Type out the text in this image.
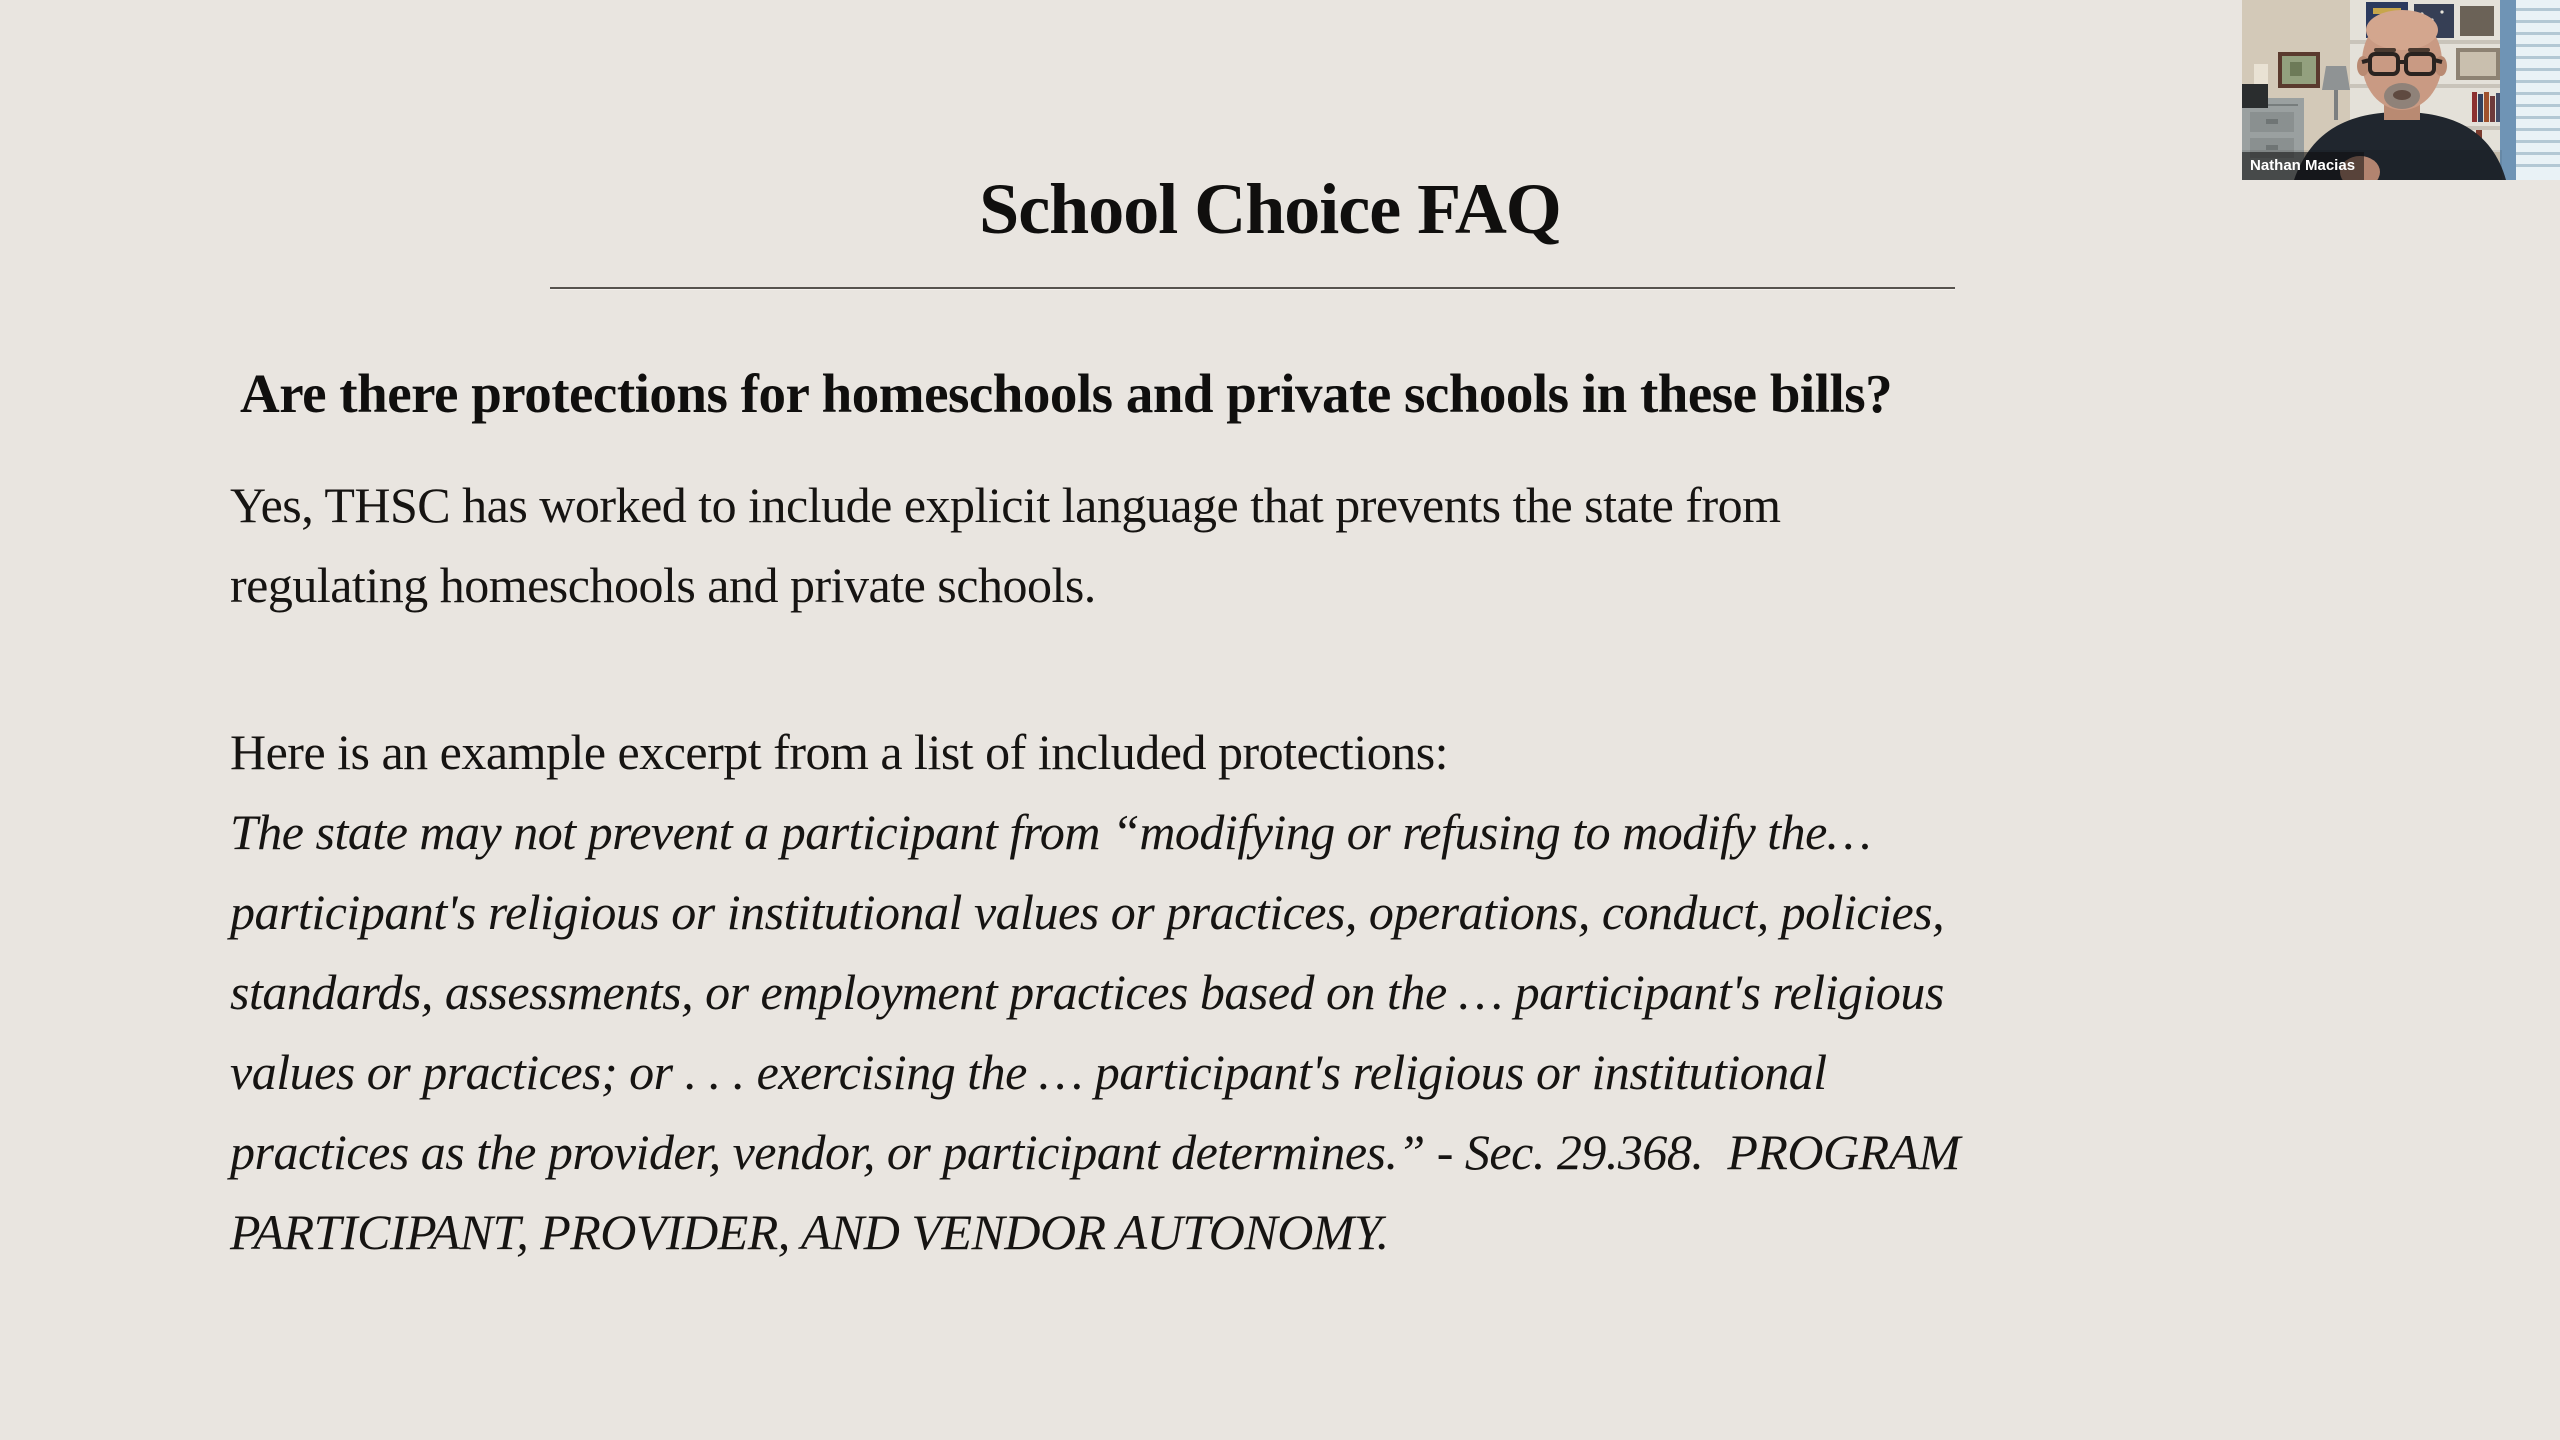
School Choice FAQ
Are there protections for homeschools and private schools in these bills?
Yes, THSC has worked to include explicit language that prevents the state from
regulating homeschools and private schools.
Here is an example excerpt from a list of included protections:
The state may not prevent a participant from “modifying or refusing to modify the…
participant's religious or institutional values or practices, operations, conduct, policies,
standards, assessments, or employment practices based on the … participant's religious
values or practices; or . . . exercising the … participant's religious or institutional
practices as the provider, vendor, or participant determines.” - Sec. 29.368.  PROGRAM
PARTICIPANT, PROVIDER, AND VENDOR AUTONOMY.
Nathan Macias
